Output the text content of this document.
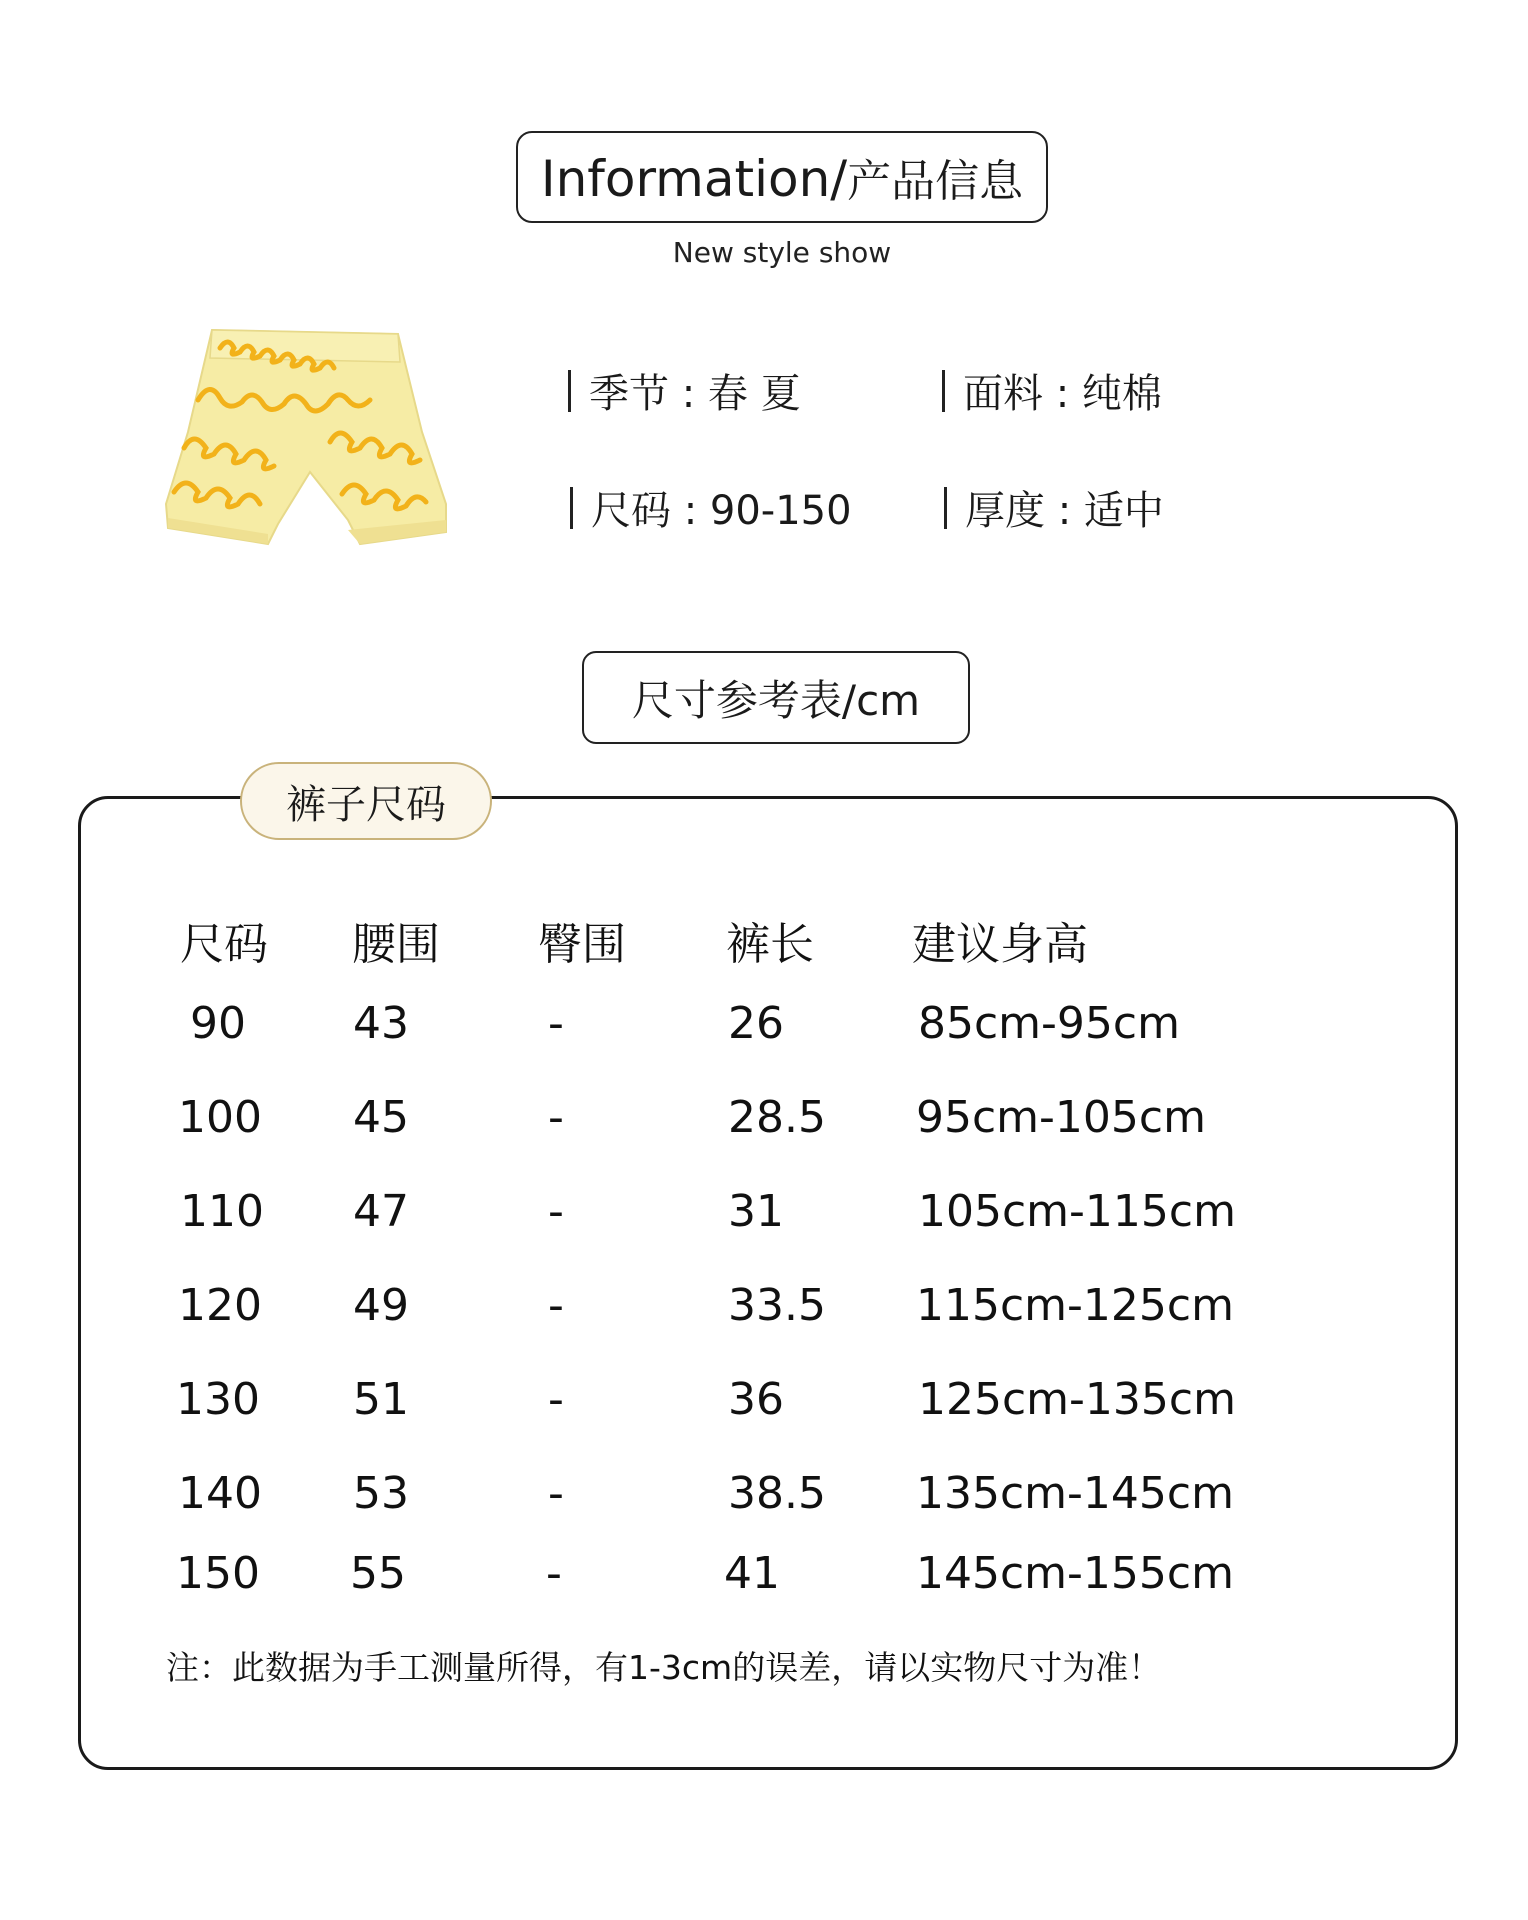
Information/产品信息
New style show
季节 : 春 夏	面料 : 纯棉
尺码 : 90-150	厚度 : 适中
尺寸参考表/cm
裤子尺码
尺码 腰围 臀围 裤长 建议身高
90 43	-	26	85cm-95cm
100 45	-	28.5 95cm-105cm
110 47	-	31	105cm-115cm
120 49	-	33.5 115cm-125cm
130 51	-	36	125cm-135cm
140 53	-	38.5 135cm-145cm
150 55	-	41	145cm-155cm
注：此数据为手工测量所得，有1-3cm的误差，请以实物尺寸为准！
